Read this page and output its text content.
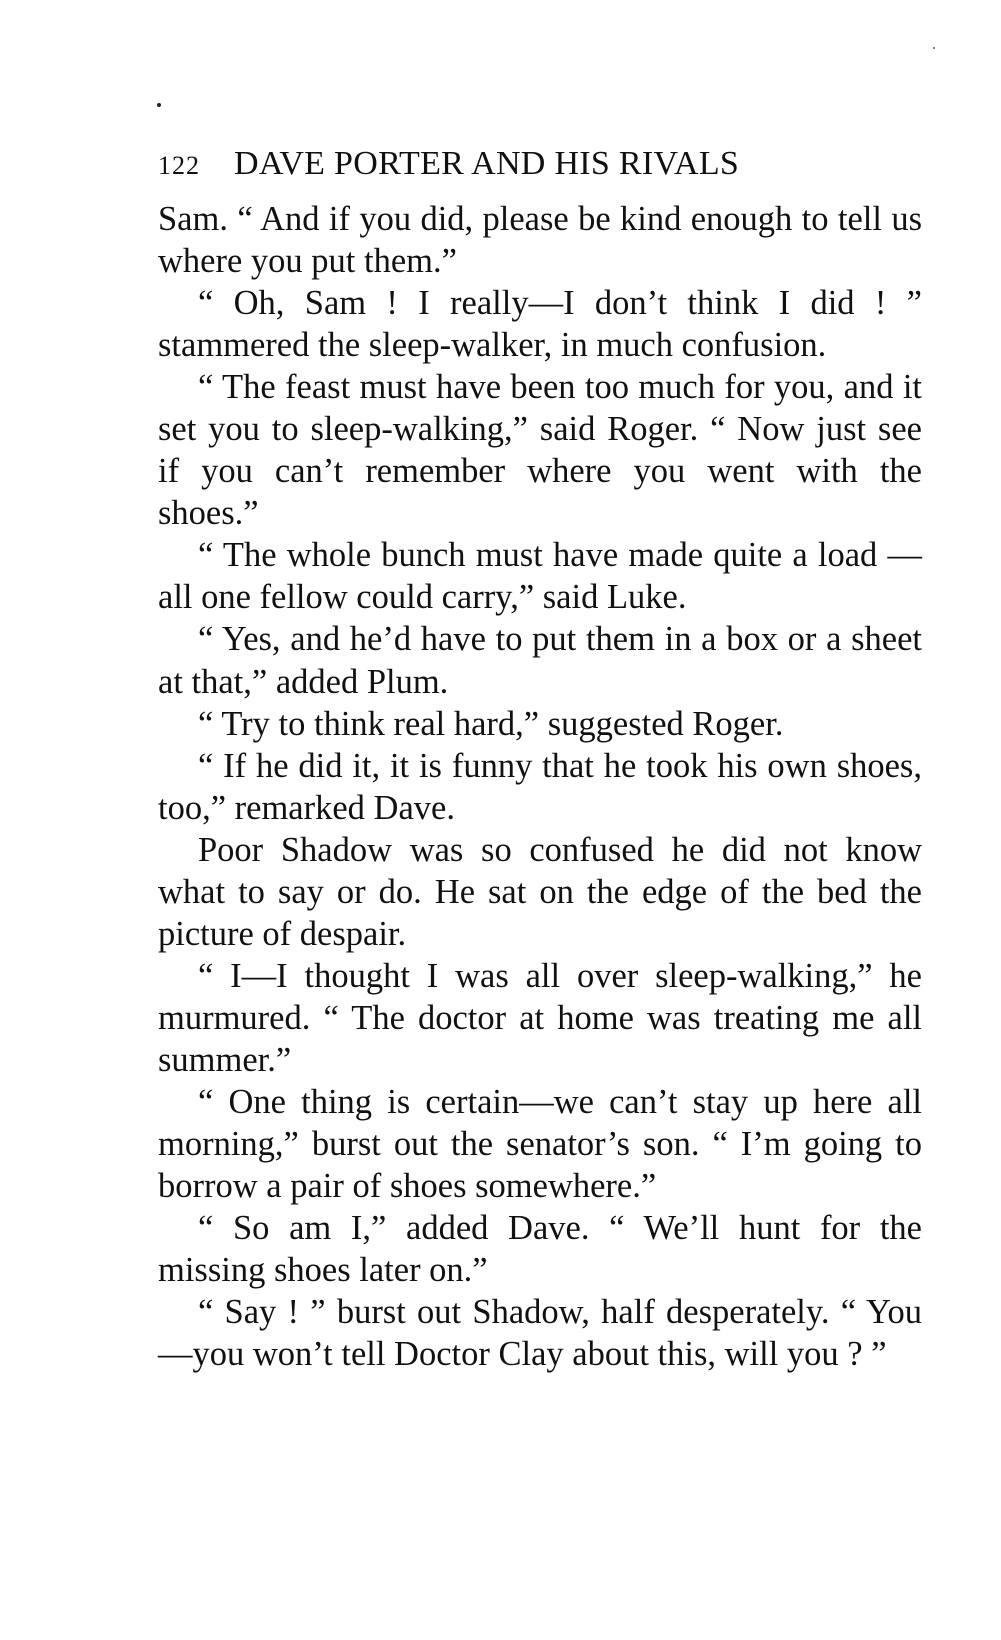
122 DAVE PORTER AND HIS RIVALS

Sam. “ And if you did, please be kind enough to tell us where you put them.”

“ Oh, Sam ! I really—I don’t think I did ! ” stammered the sleep-walker, in much confusion.

“ The feast must have been too much for you, and it set you to sleep-walking,” said Roger. “ Now just see if you can’t remember where you went with the shoes.”

“ The whole bunch must have made quite a load —all one fellow could carry,” said Luke.

“ Yes, and he’d have to put them in a box or a sheet at that,” added Plum.

“ Try to think real hard,” suggested Roger.

“ If he did it, it is funny that he took his own shoes, too,” remarked Dave.

Poor Shadow was so confused he did not know what to say or do. He sat on the edge of the bed the picture of despair.

“ I—I thought I was all over sleep-walking,” he murmured. “ The doctor at home was treating me all summer.”

“ One thing is certain—we can’t stay up here all morning,” burst out the senator’s son. “ I’m going to borrow a pair of shoes somewhere.”

“ So am I,” added Dave. “ We’ll hunt for the missing shoes later on.”

“ Say ! ” burst out Shadow, half desperately. “ You—you won’t tell Doctor Clay about this, will you ? ”
